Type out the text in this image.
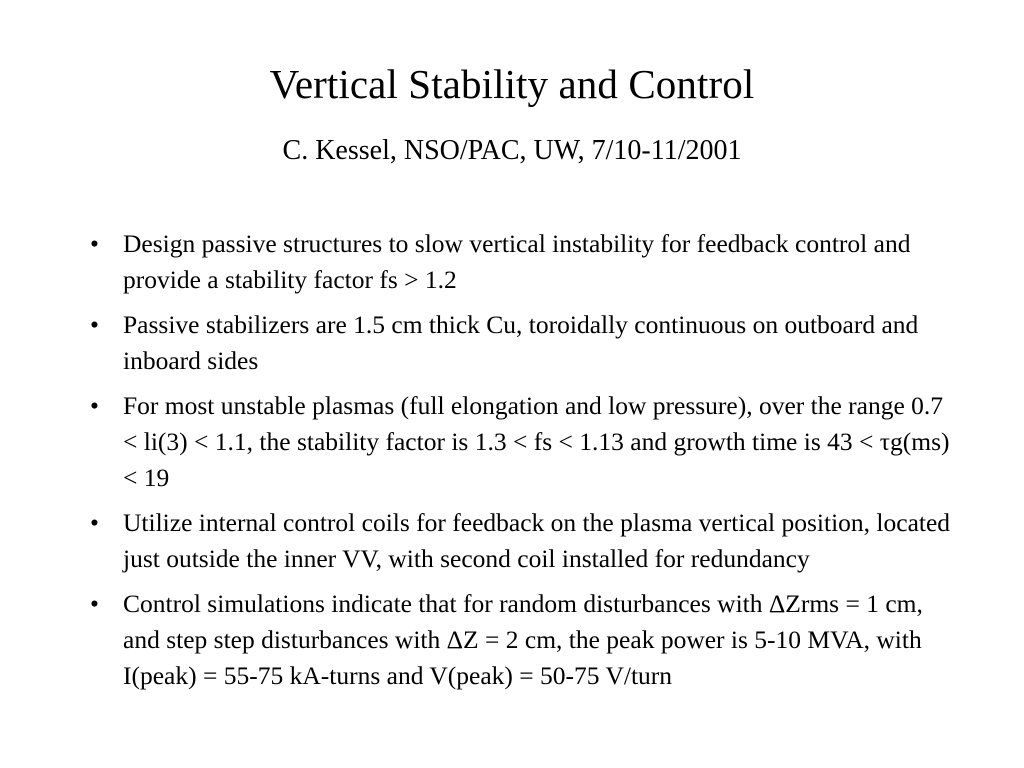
Vertical Stability and Control
C. Kessel, NSO/PAC, UW, 7/10-11/2001
• Design passive structures to slow vertical instability for feedback control and provide a stability factor fs > 1.2
• Passive stabilizers are 1.5 cm thick Cu, toroidally continuous on outboard and inboard sides
• For most unstable plasmas (full elongation and low pressure), over the range 0.7 < li(3) < 1.1, the stability factor is 1.3 < fs < 1.13 and growth time is 43 < τg(ms) < 19
• Utilize internal control coils for feedback on the plasma vertical position, located just outside the inner VV, with second coil installed for redundancy
• Control simulations indicate that for random disturbances with ΔZrms = 1 cm, and step step disturbances with ΔZ = 2 cm, the peak power is 5-10 MVA, with I(peak) = 55-75 kA-turns and V(peak) = 50-75 V/turn
